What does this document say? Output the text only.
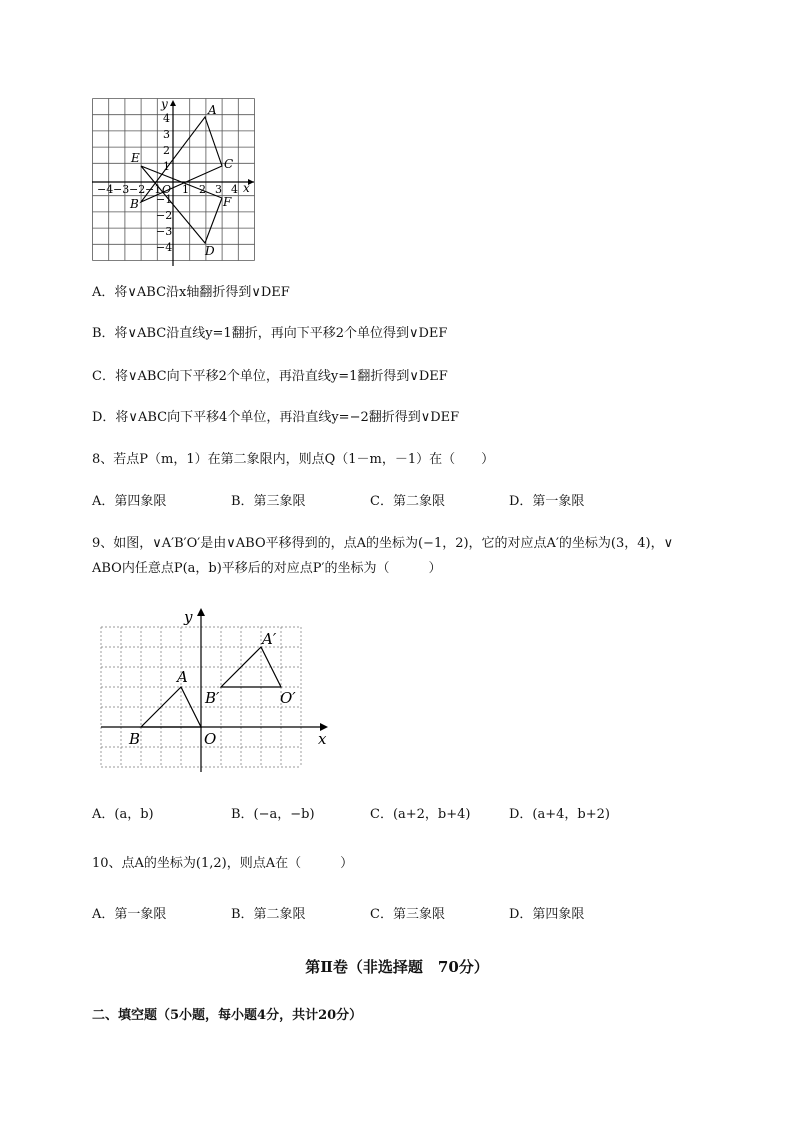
A
C
E
B	F
D
x
y
−4 −3 −2 −1 O 1 2 3 4
4
3
2
1
−1
−2
−3
−4
A．将∨ABC沿x轴翻折得到∨DEF
B．将∨ABC沿直线y=1翻折，再向下平移2个单位得到∨DEF
C．将∨ABC向下平移2个单位，再沿直线y=1翻折得到∨DEF
D．将∨ABC向下平移4个单位，再沿直线y=−2翻折得到∨DEF
8、若点P（m，1）在第二象限内，则点Q（1－m，－1）在（　　）
A．第四象限	B．第三象限	C．第二象限	D．第一象限
9、如图，∨A′B′O′是由∨ABO平移得到的，点A的坐标为(−1，2)，它的对应点A′的坐标为(3，4)，∨
ABO内任意点P(a，b)平移后的对应点P′的坐标为（　　　）
y
x
A
A′
B
B′
O
O′
A．(a，b)	B．(−a，−b)	C．(a+2，b+4)	D．(a+4，b+2)
10、点A的坐标为(1,2)，则点A在（　　　）
A．第一象限	B．第二象限	C．第三象限	D．第四象限
第Ⅱ卷（非选择题　70分）
二、填空题（5小题，每小题4分，共计20分）
